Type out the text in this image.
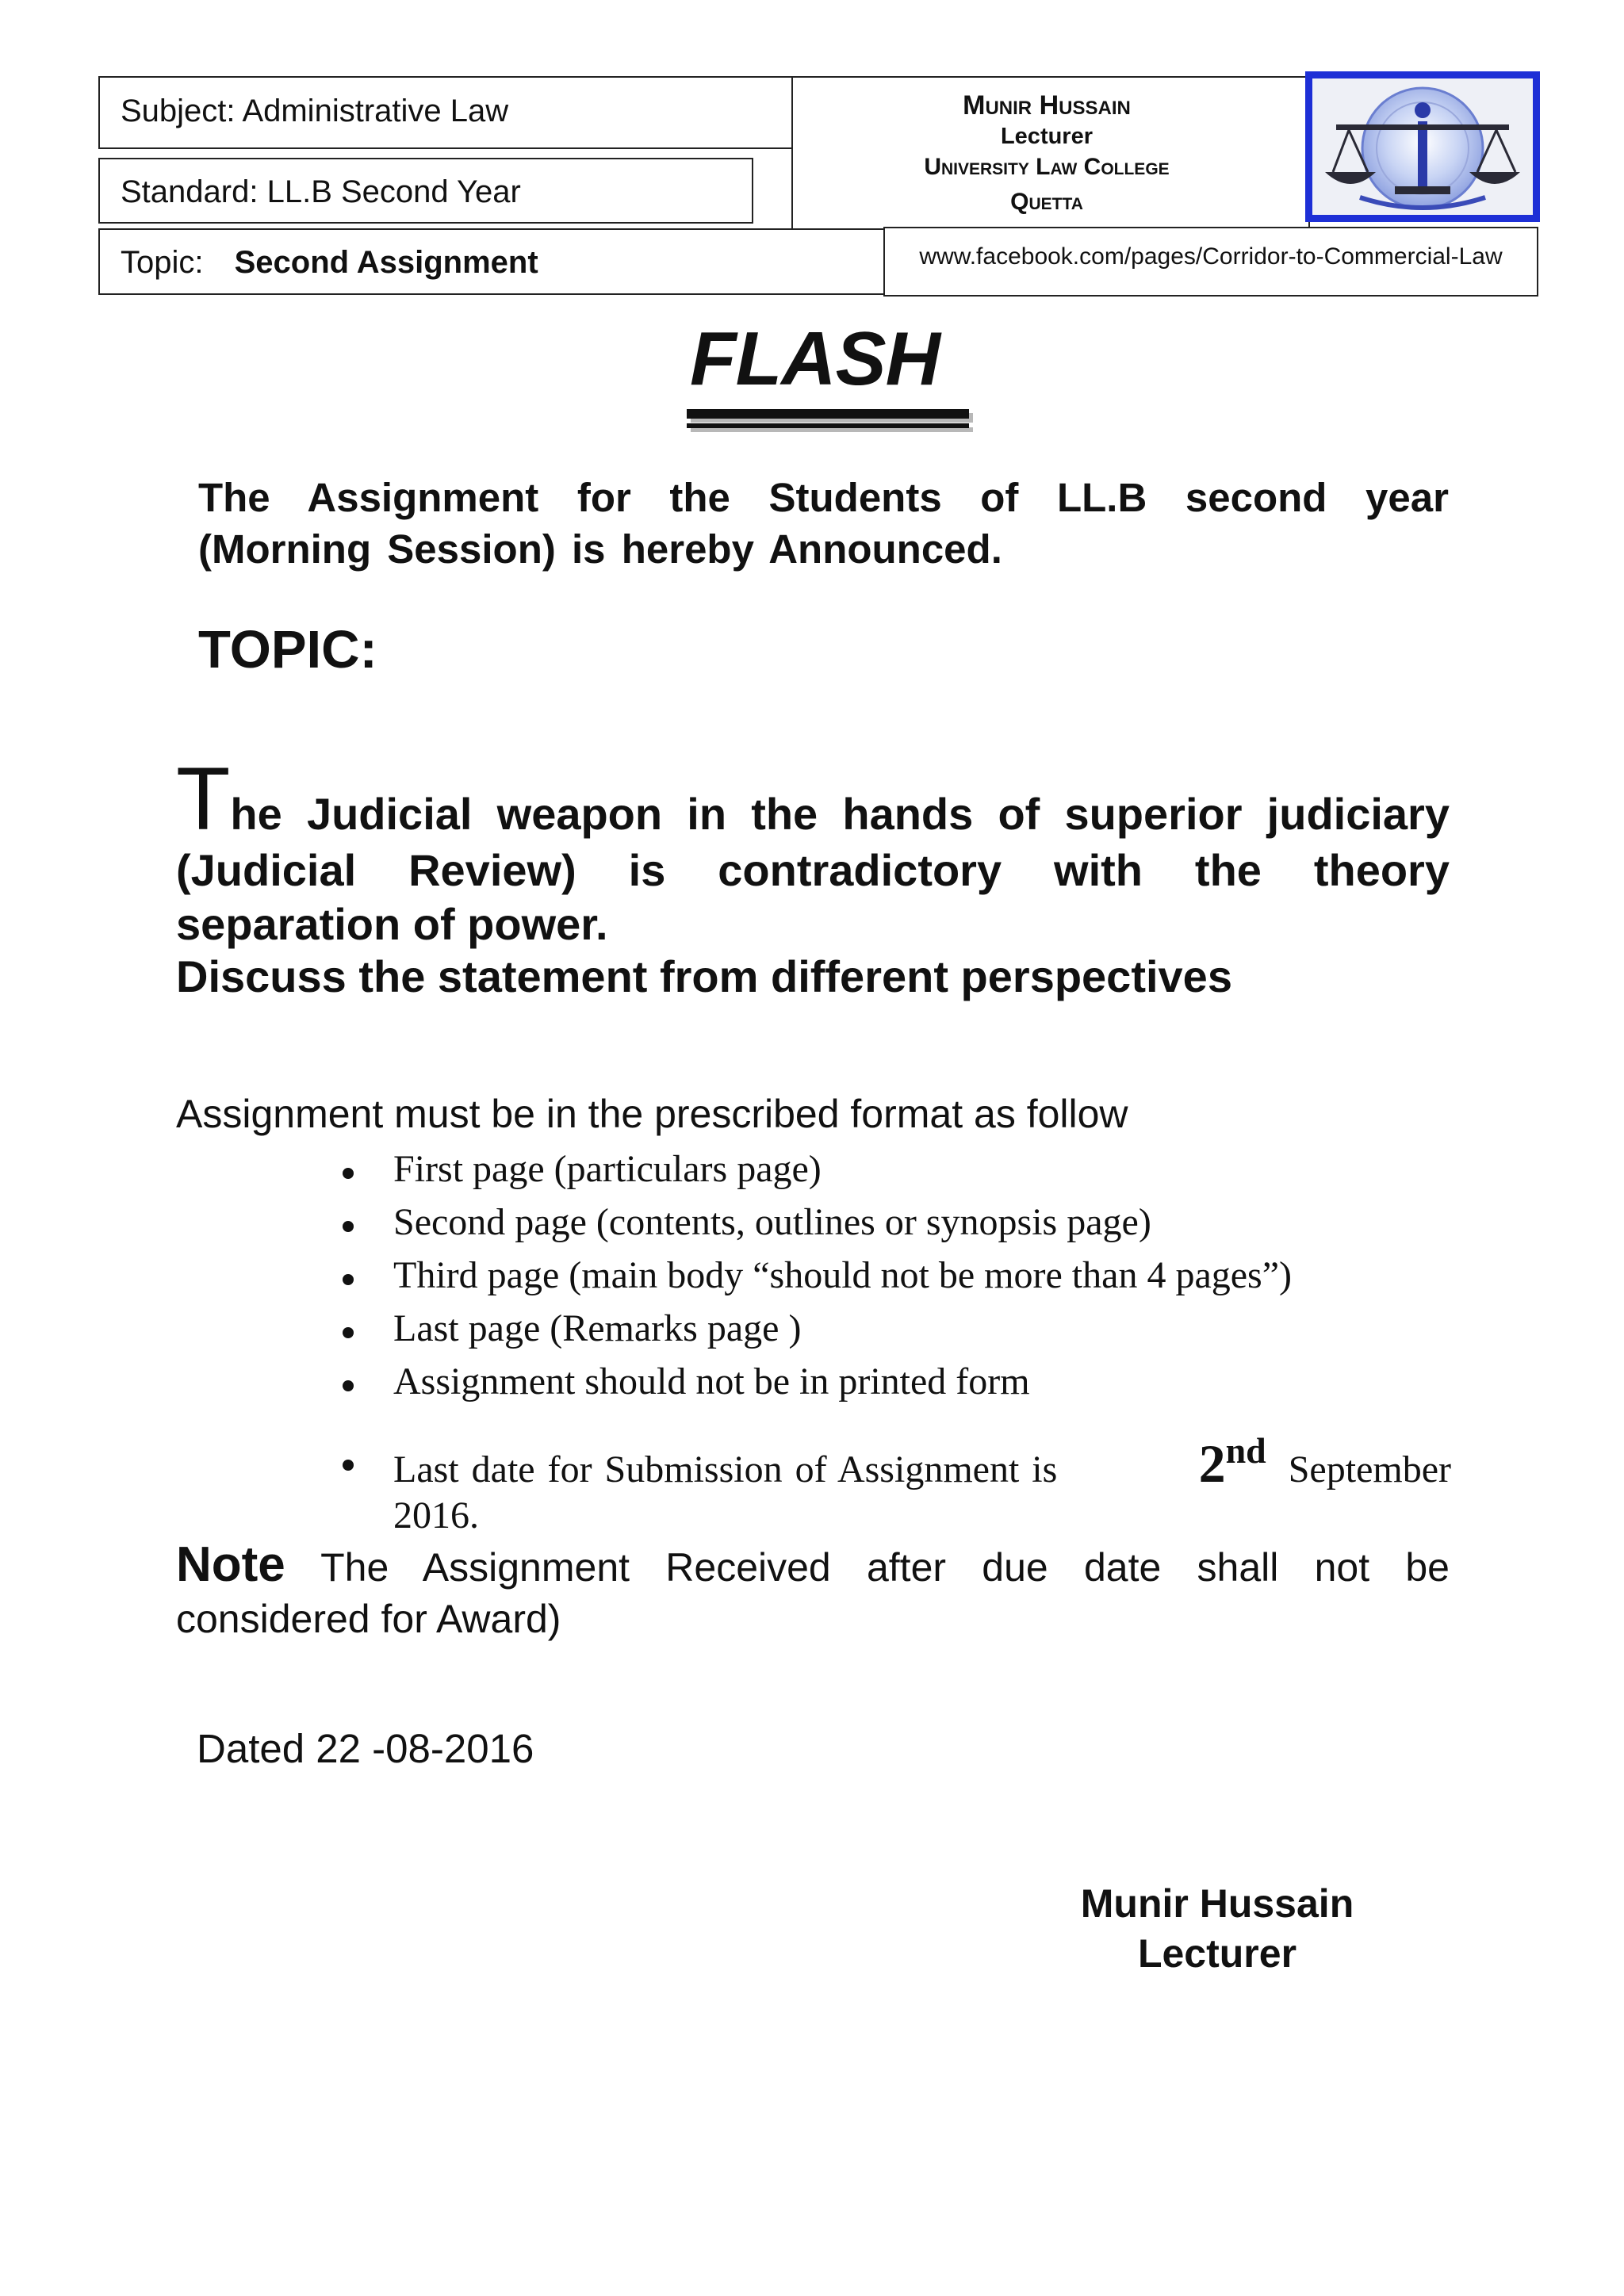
Subject: Administrative Law
Standard: LL.B Second Year
Topic: Second Assignment	www.facebook.com/pages/Corridor-to-Commercial-Law
Munir Hussain
Lecturer
University Law College
Quetta
FLASH
The Assignment for the Students of LL.B second year
(Morning Session) is hereby Announced.
TOPIC:
The Judicial weapon in the hands of superior judiciary
(Judicial Review) is contradictory with the theory
separation of power.
Discuss the statement from different perspectives
Assignment must be in the prescribed format as follow
First page (particulars page)
Second page (contents, outlines or synopsis page)
Third page (main body “should not be more than 4 pages”)
Last page (Remarks page )
Assignment should not be in printed form
Last date for Submission of Assignment is	2nd September
2016.
Note The Assignment Received after due date shall not be
considered for Award)
Dated 22 -08-2016
Munir Hussain
Lecturer
